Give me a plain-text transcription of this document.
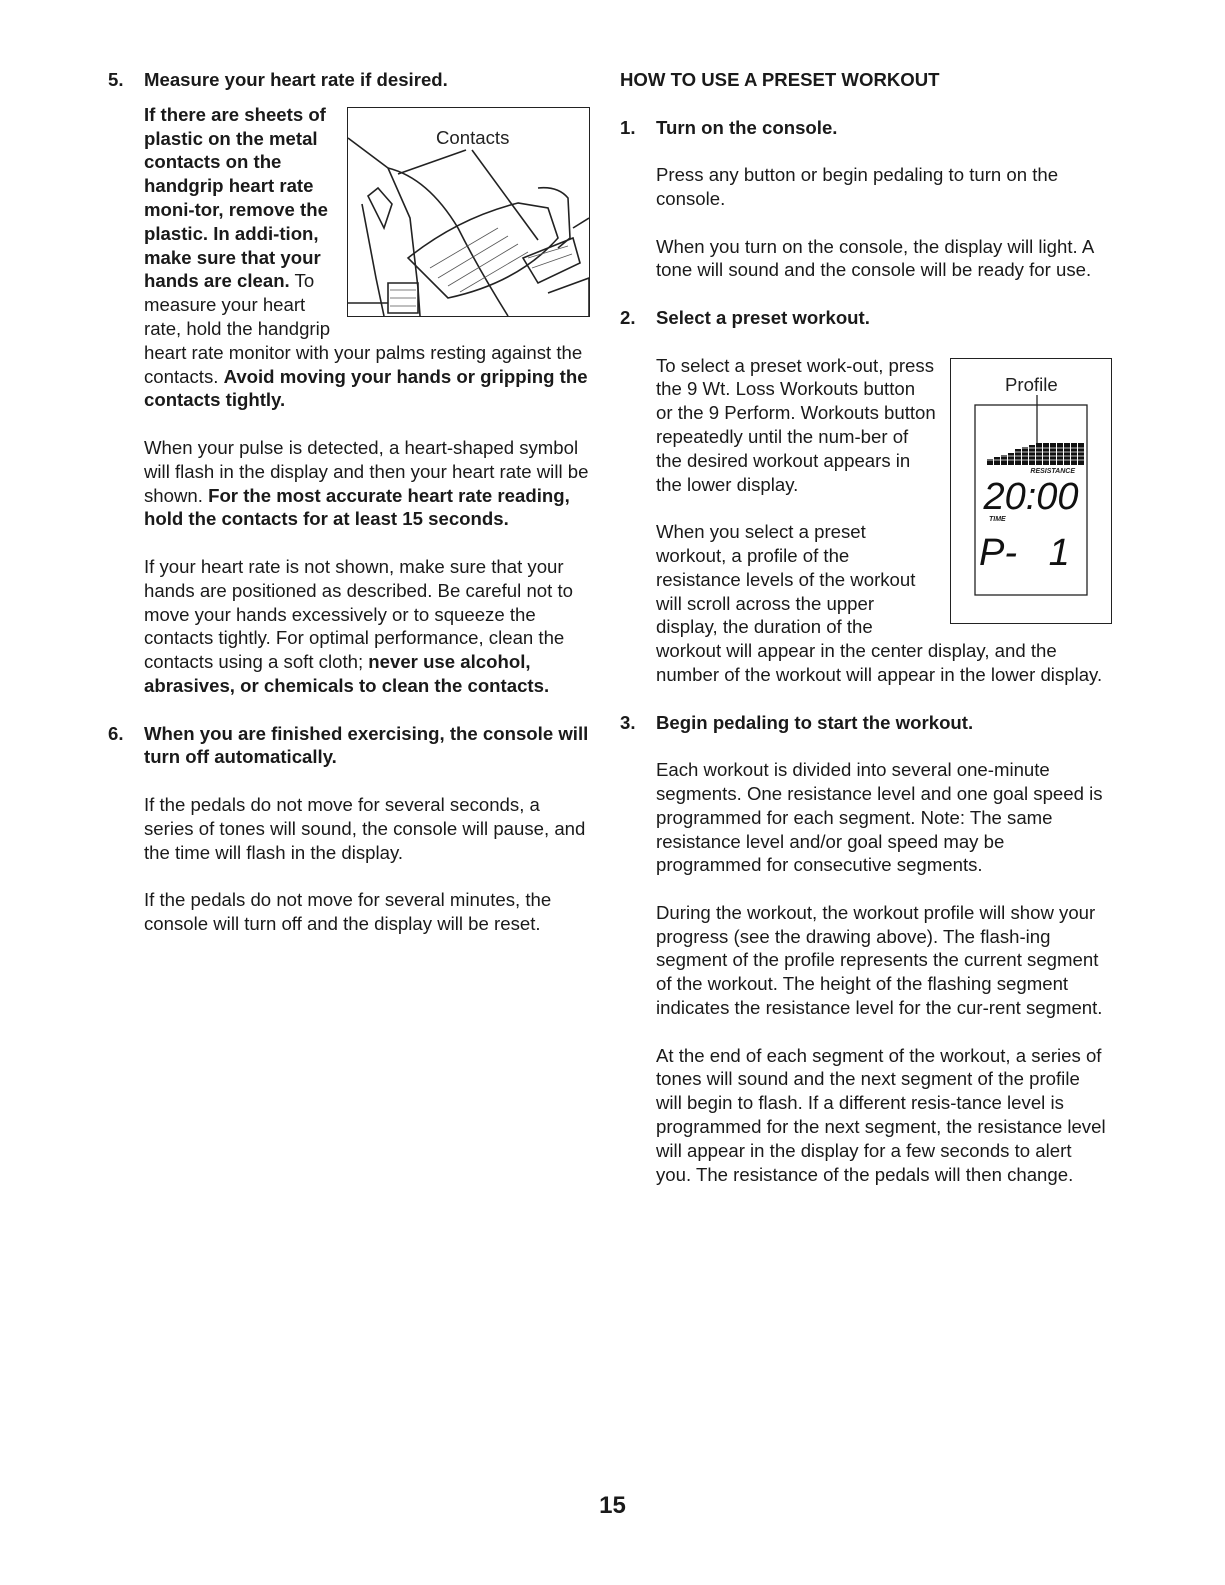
5. Measure your heart rate if desired.

Contacts
If there are sheets of plastic on the metal contacts on the handgrip heart rate moni-tor, remove the plastic. In addi-tion, make sure that your hands are clean. To measure your heart rate, hold the handgrip heart rate monitor with your palms resting against the contacts. Avoid moving your hands or gripping the contacts tightly.
When your pulse is detected, a heart-shaped symbol will flash in the display and then your heart rate will be shown. For the most accurate heart rate reading, hold the contacts for at least 15 seconds.
If your heart rate is not shown, make sure that your hands are positioned as described. Be careful not to move your hands excessively or to squeeze the contacts tightly. For optimal performance, clean the contacts using a soft cloth; never use alcohol, abrasives, or chemicals to clean the contacts.

6. When you are finished exercising, the console will turn off automatically.

If the pedals do not move for several seconds, a series of tones will sound, the console will pause, and the time will flash in the display.
If the pedals do not move for several minutes, the console will turn off and the display will be reset.

HOW TO USE A PRESET WORKOUT

1. Turn on the console.

Press any button or begin pedaling to turn on the console.
When you turn on the console, the display will light. A tone will sound and the console will be ready for use.

2. Select a preset workout.

Profile
RESISTANCE
20:00
TIME
P-   1
To select a preset work-out, press the 9 Wt. Loss Workouts button or the 9 Perform. Workouts button repeatedly until the num-ber of the desired workout appears in the lower display.
When you select a preset workout, a profile of the resistance levels of the workout will scroll across the upper display, the duration of the workout will appear in the center display, and the number of the workout will appear in the lower display.

3. Begin pedaling to start the workout.

Each workout is divided into several one-minute segments. One resistance level and one goal speed is programmed for each segment. Note: The same resistance level and/or goal speed may be programmed for consecutive segments.
During the workout, the workout profile will show your progress (see the drawing above). The flash-ing segment of the profile represents the current segment of the workout. The height of the flashing segment indicates the resistance level for the cur-rent segment.
At the end of each segment of the workout, a series of tones will sound and the next segment of the profile will begin to flash. If a different resis-tance level is programmed for the next segment, the resistance level will appear in the display for a few seconds to alert you. The resistance of the pedals will then change.
15
